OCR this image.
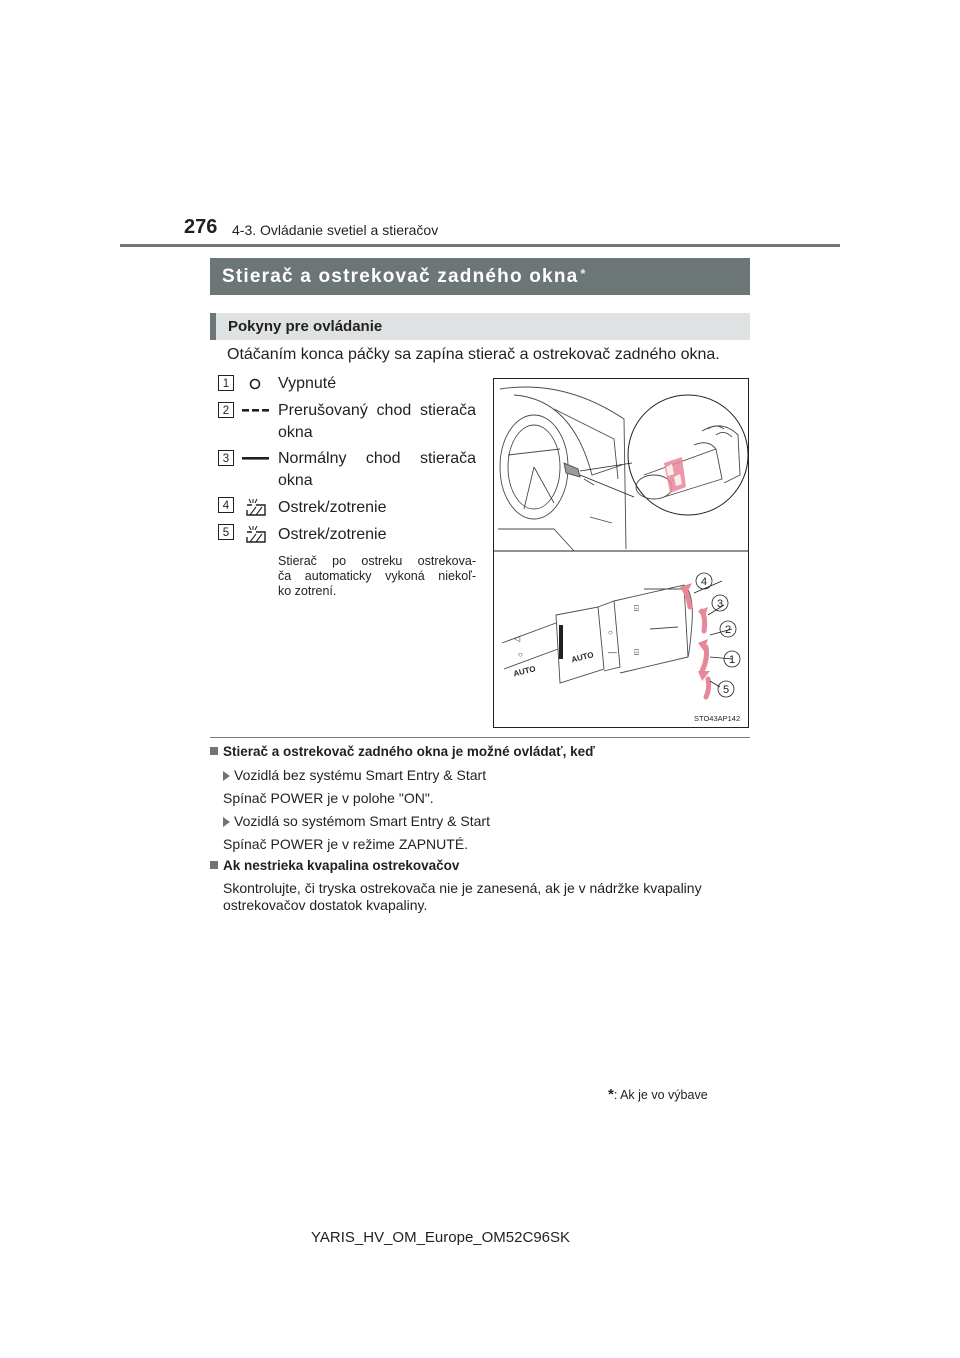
276 4-3. Ovládanie svetiel a stieračov
Stierač a ostrekovač zadného okna *
Pokyny pre ovládanie
Otáčaním konca páčky sa zapína stierač a ostrekovač zadného okna.
1	Vypnuté
2	Prerušovaný chod stierača
okna
3	Normálny chod stierača
okna
4	Ostrek/zotrenie
5	Ostrek/zotrenie
Stierač po ostreku ostrekova-
ča automaticky vykoná niekoľ-
ko zotrení.
◁
○
AUTO
AUTO
○
‒‒
⌹
⌹
4
3
2
1
5
STO43AP142
Stierač a ostrekovač zadného okna je možné ovládať, keď
Vozidlá bez systému Smart Entry & Start
Spínač POWER je v polohe "ON".
Vozidlá so systémom Smart Entry & Start
Spínač POWER je v režime ZAPNUTÉ.
Ak nestrieka kvapalina ostrekovačov
Skontrolujte, či tryska ostrekovača nie je zanesená, ak je v nádržke kvapaliny
ostrekovačov dostatok kvapaliny.
*: Ak je vo výbave
YARIS_HV_OM_Europe_OM52C96SK
